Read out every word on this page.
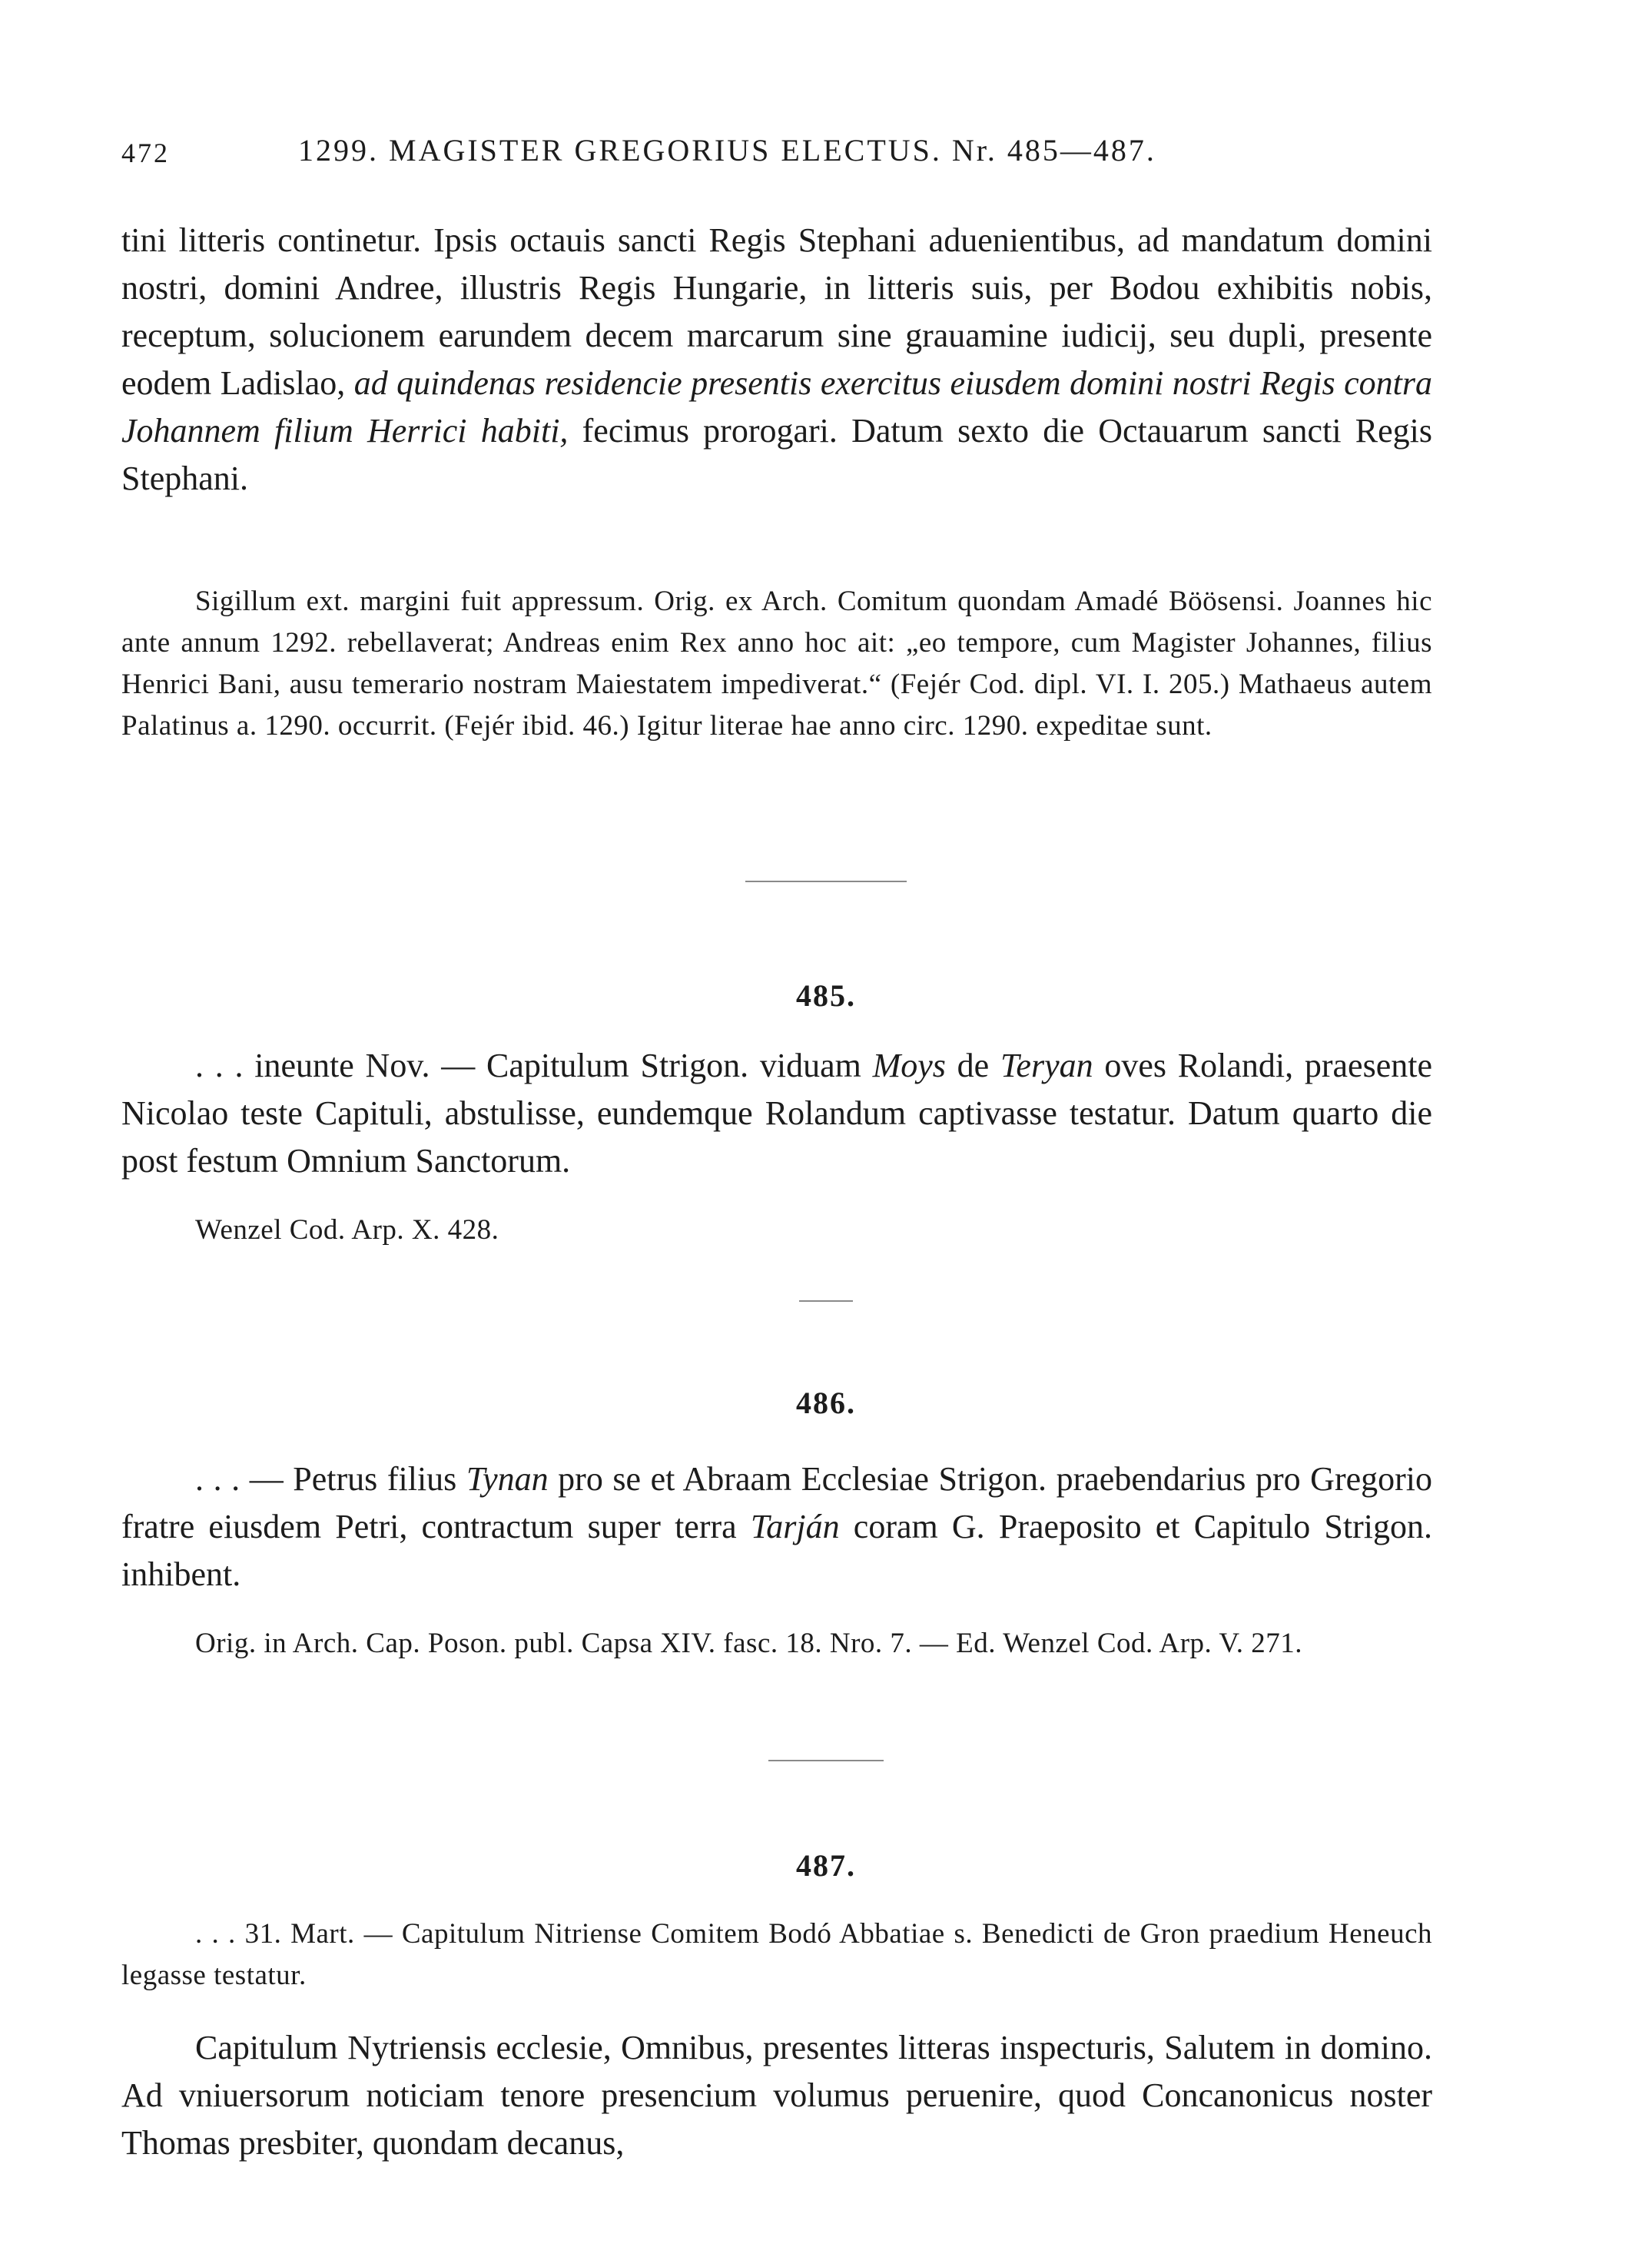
472	1299. MAGISTER GREGORIUS ELECTUS. Nr. 485—487.

tini litteris continetur. Ipsis octauis sancti Regis Stephani aduenientibus, ad mandatum domini nostri, domini Andree, illustris Regis Hungarie, in litteris suis, per Bodou exhibitis nobis, receptum, solucionem earundem decem marcarum sine grauamine iudicij, seu dupli, presente eodem Ladislao, ad quindenas residencie presentis exercitus eiusdem domini nostri Regis contra Johannem filium Herrici habiti, fecimus prorogari. Datum sexto die Octauarum sancti Regis Stephani.

Sigillum ext. margini fuit appressum. Orig. ex Arch. Comitum quondam Amadé Böösensi. Joannes hic ante annum 1292. rebellaverat; Andreas enim Rex anno hoc ait: „eo tempore, cum Magister Johannes, filius Henrici Bani, ausu temerario nostram Maiestatem impediverat.“ (Fejér Cod. dipl. VI. I. 205.) Mathaeus autem Palatinus a. 1290. occurrit. (Fejér ibid. 46.) Igitur literae hae anno circ. 1290. expeditae sunt.

485.

. . . ineunte Nov. — Capitulum Strigon. viduam Moys de Teryan oves Rolandi, praesente Nicolao teste Capituli, abstulisse, eundemque Rolandum captivasse testatur. Datum quarto die post festum Omnium Sanctorum.

Wenzel Cod. Arp. X. 428.

486.

. . . — Petrus filius Tynan pro se et Abraam Ecclesiae Strigon. praebendarius pro Gregorio fratre eiusdem Petri, contractum super terra Tarján coram G. Praeposito et Capitulo Strigon. inhibent.

Orig. in Arch. Cap. Poson. publ. Capsa XIV. fasc. 18. Nro. 7. — Ed. Wenzel Cod. Arp. V. 271.

487.

. . . 31. Mart. — Capitulum Nitriense Comitem Bodó Abbatiae s. Benedicti de Gron praedium Heneuch legasse testatur.

Capitulum Nytriensis ecclesie, Omnibus, presentes litteras inspecturis, Salutem in domino. Ad vniuersorum noticiam tenore presencium volumus peruenire, quod Concanonicus noster Thomas presbiter, quondam decanus,
